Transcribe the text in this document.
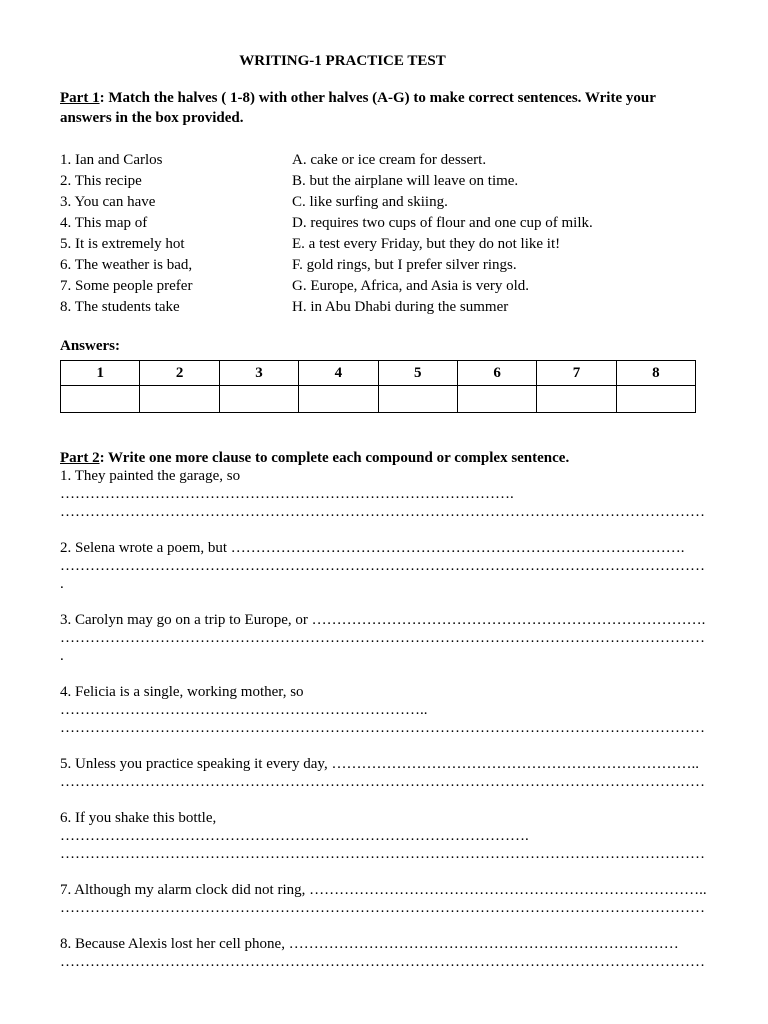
WRITING-1 PRACTICE TEST
Part 1: Match the halves ( 1-8) with other halves (A-G) to make correct sentences. Write your answers in the box provided.
1. Ian and Carlos	A. cake or ice cream for dessert.
2. This recipe	B. but the airplane will leave on time.
3. You can have	C. like surfing and skiing.
4. This map of	D. requires two cups of flour and one cup of milk.
5. It is extremely hot	E. a test every Friday, but they do not like it!
6. The weather is bad,	F. gold rings, but I prefer silver rings.
7. Some people prefer	G. Europe, Africa, and Asia is very old.
8. The students take	H. in Abu Dhabi during the summer
Answers:
1	2	3	4	5	6	7	8

Part 2: Write one more clause to complete each compound or complex sentence.
1. They painted the garage, so
……………………………………………………………………………….
…………………………………………………………………………………………………………………
2. Selena wrote a poem, but ……………………………………………………………………………….
…………………………………………………………………………………………………………………
.
3. Carolyn may go on a trip to Europe, or …………………………………………………………………….
…………………………………………………………………………………………………………………
.
4. Felicia is a single, working mother, so
………………………………………………………………..
…………………………………………………………………………………………………………………
5. Unless you practice speaking it every day, ………………………………………………………………..
…………………………………………………………………………………………………………………
6. If you shake this bottle,
………………………………………………………………………………….
…………………………………………………………………………………………………………………
7. Although my alarm clock did not ring, ……………………………………………………………………..
…………………………………………………………………………………………………………………
8. Because Alexis lost her cell phone, ……………………………………………………………………
…………………………………………………………………………………………………………………
